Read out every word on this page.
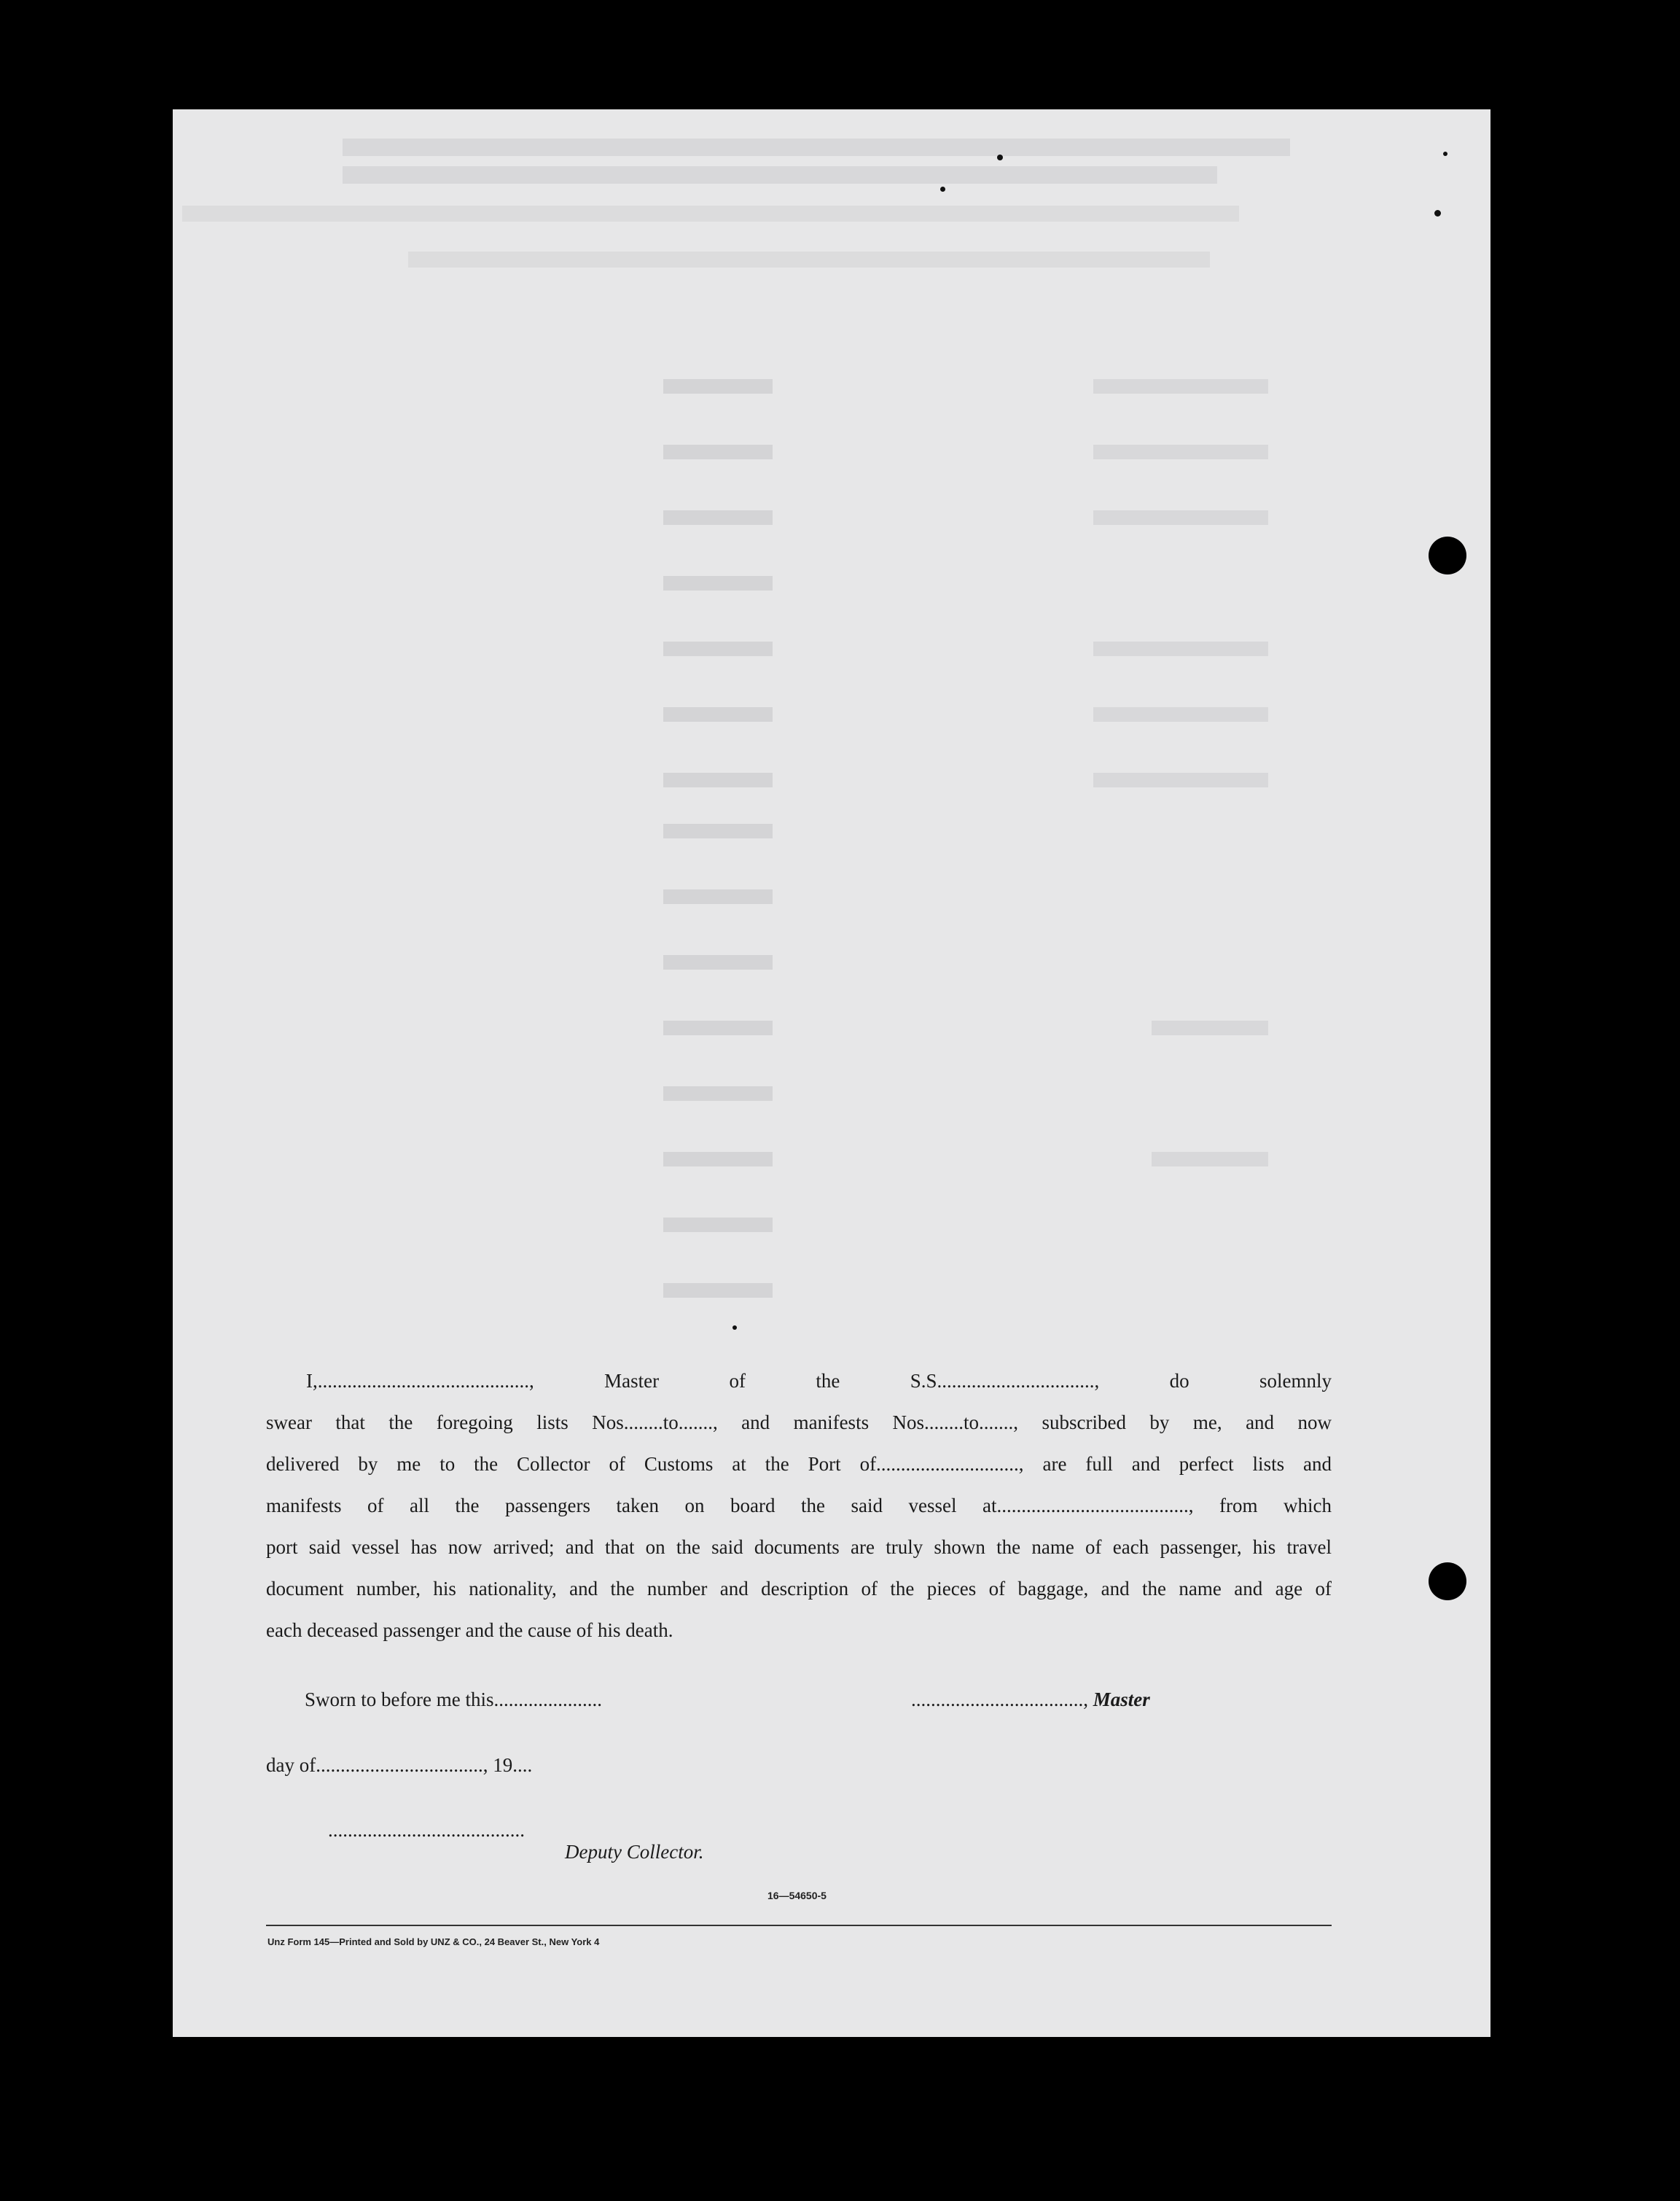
I,..........................................., Master of the S.S................................, do solemnly

swear that the foregoing lists Nos........to......., and manifests Nos........to......., subscribed by me, and now

delivered by me to the Collector of Customs at the Port of............................., are full and perfect lists and

manifests of all the passengers taken on board the said vessel at......................................., from which

port said vessel has now arrived; and that on the said documents are truly shown the name of each passenger, his travel

document number, his nationality, and the number and description of the pieces of baggage, and the name and age of

each deceased passenger and the cause of his death.

Sworn to before me this......................	..................................., Master
day of.................................., 19....
........................................
Deputy Collector.
16—54650-5
Unz Form 145—Printed and Sold by UNZ & CO., 24 Beaver St., New York 4
